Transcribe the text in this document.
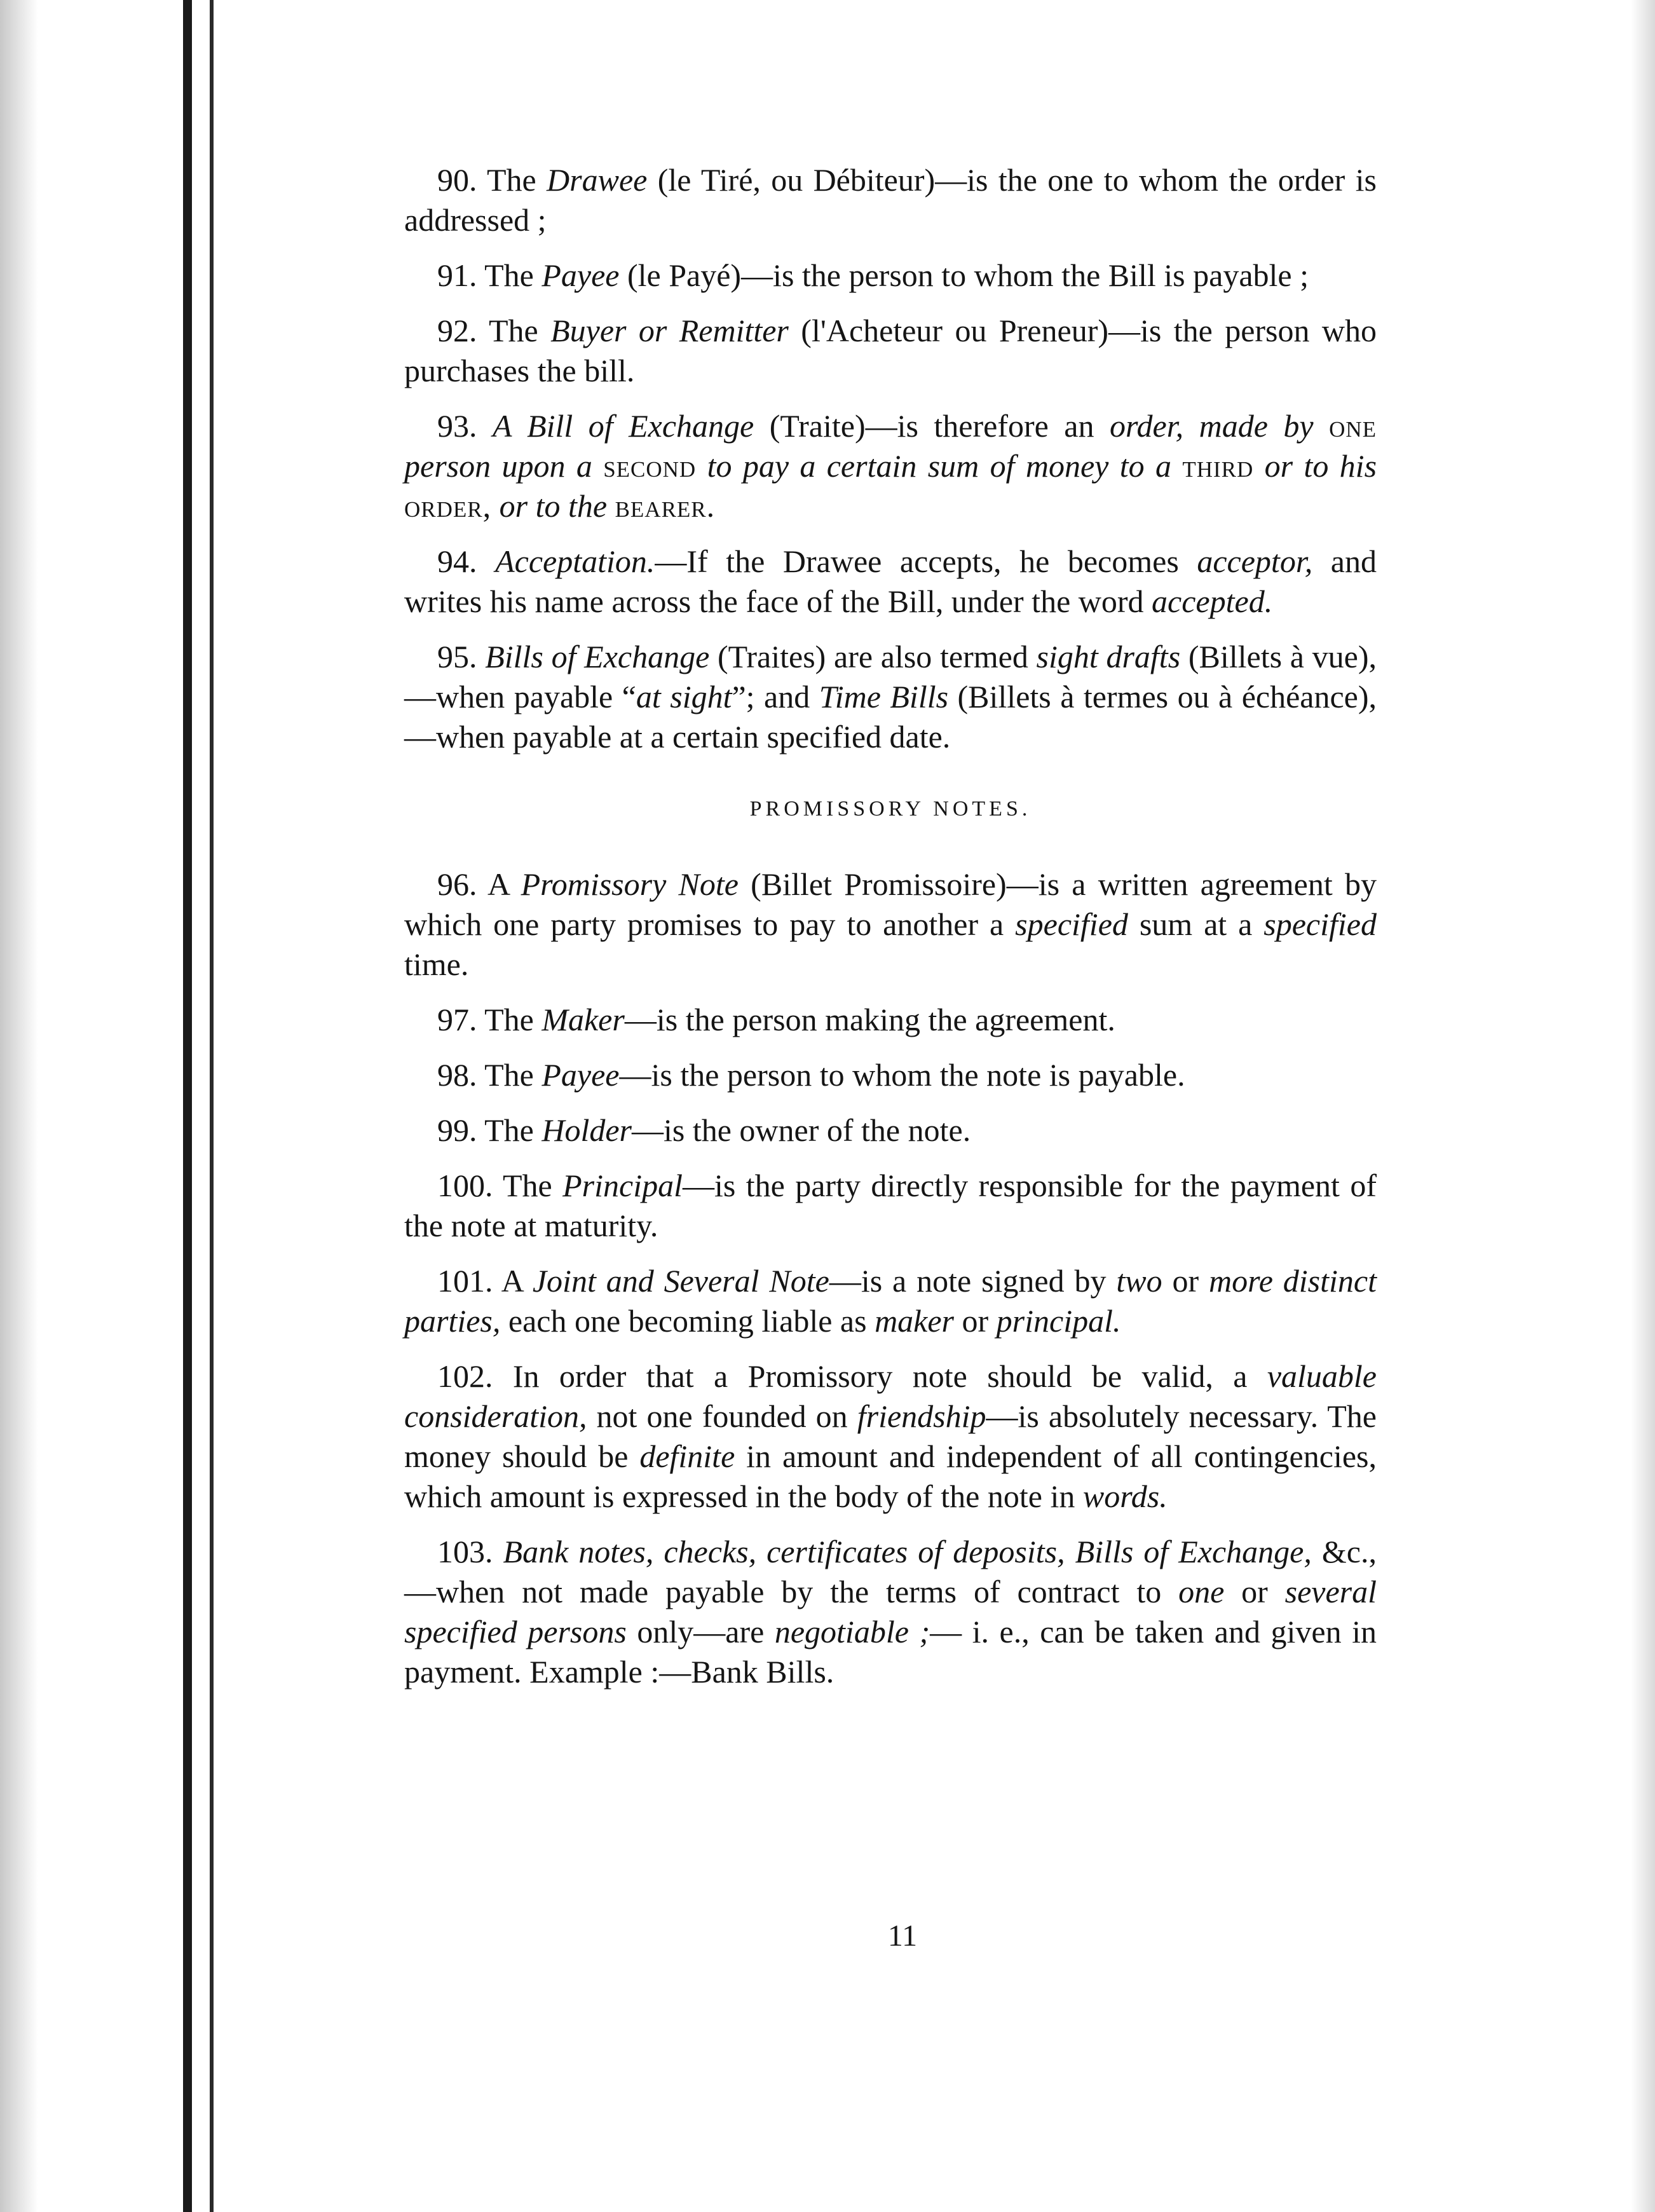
90. The Drawee (le Tiré, ou Débiteur)—is the one to whom the order is addressed ;

91. The Payee (le Payé)—is the person to whom the Bill is payable ;

92. The Buyer or Remitter (l'Acheteur ou Preneur)—is the person who purchases the bill.

93. A Bill of Exchange (Traite)—is therefore an order, made by one person upon a second to pay a certain sum of money to a third or to his order, or to the bearer.

94. Acceptation.—If the Drawee accepts, he becomes acceptor, and writes his name across the face of the Bill, under the word accepted.

95. Bills of Exchange (Traites) are also termed sight drafts (Billets à vue),—when payable “at sight”; and Time Bills (Billets à termes ou à échéance),—when payable at a certain specified date.

PROMISSORY NOTES.

96. A Promissory Note (Billet Promissoire)—is a written agreement by which one party promises to pay to another a specified sum at a specified time.

97. The Maker—is the person making the agreement.

98. The Payee—is the person to whom the note is payable.

99. The Holder—is the owner of the note.

100. The Principal—is the party directly responsible for the payment of the note at maturity.

101. A Joint and Several Note—is a note signed by two or more distinct parties, each one becoming liable as maker or principal.

102. In order that a Promissory note should be valid, a valuable consideration, not one founded on friendship—is absolutely necessary. The money should be definite in amount and independent of all contingencies, which amount is expressed in the body of the note in words.

103. Bank notes, checks, certificates of deposits, Bills of Exchange, &c.,—when not made payable by the terms of contract to one or several specified persons only—are negotiable ;— i. e., can be taken and given in payment. Example :—Bank Bills.

11
